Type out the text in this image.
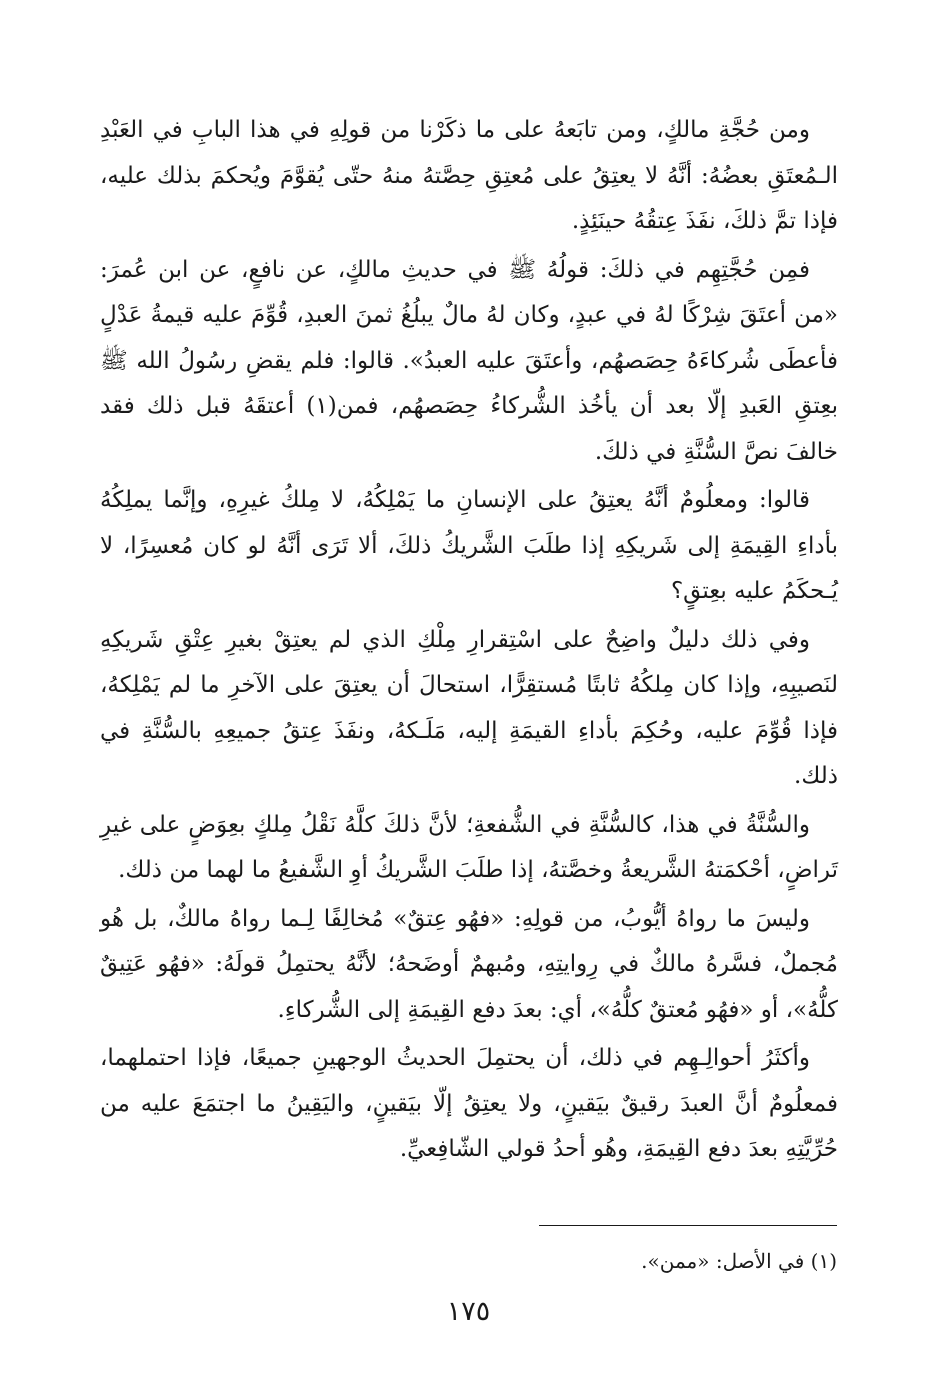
ومن حُجَّةِ مالكٍ، ومن تابَعهُ على ما ذكَرْنا من قولِهِ في هذا البابِ في العَبْدِ الـمُعتَقِ بعضُهُ: أنَّهُ لا يعتِقُ على مُعتِقِ حِصَّتهُ منهُ حتّى يُقوَّمَ ويُحكمَ بذلك عليه، فإذا تمَّ ذلكَ، نفَذَ عِتقُهُ حينَئِذٍ.

فمِن حُجَّتِهِم في ذلكَ: قولُهُ ﷺ في حديثِ مالكٍ، عن نافعٍ، عن ابن عُمرَ: «من أعتَقَ شِرْكًا لهُ في عبدٍ، وكان لهُ مالٌ يبلُغُ ثمنَ العبدِ، قُوِّمَ عليه قيمةُ عَدْلٍ فأعطَى شُركاءَهُ حِصَصهُم، وأعتَقَ عليه العبدُ». قالوا: فلم يقضِ رسُولُ الله ﷺ بعِتقِ العَبدِ إلّا بعد أن يأخُذ الشُّركاءُ حِصَصهُم، فمن(١) أعتقَهُ قبل ذلك فقد خالفَ نصَّ السُّنَّةِ في ذلكَ.

قالوا: ومعلُومٌ أنَّهُ يعتِقُ على الإنسانِ ما يَمْلِكُهُ، لا مِلكُ غيرِهِ، وإنَّما يملِكُهُ بأداءِ القِيمَةِ إلى شَريكِهِ إذا طلَبَ الشَّريكُ ذلكَ، ألا تَرَى أنَّهُ لو كان مُعسِرًا، لا يُـحكَمُ عليه بعِتقٍ؟

وفي ذلك دليلٌ واضِحٌ على اسْتِقرارِ مِلْكِ الذي لم يعتِقْ بغيرِ عِتْقِ شَريكِهِ لنَصيبِهِ، وإذا كان مِلكُهُ ثابتًا مُستقِرًّا، استحالَ أن يعتِقَ على الآخرِ ما لم يَمْلِكهُ، فإذا قُوِّمَ عليه، وحُكِمَ بأداءِ القيمَةِ إليه، مَلَـكهُ، ونفَذَ عِتقُ جميعِهِ بالسُّنَّةِ في ذلك.

والسُّنَّةُ في هذا، كالسُّنَّةِ في الشُّفعةِ؛ لأنَّ ذلكَ كلَّهُ نَقْلُ مِلكٍ بعِوَضٍ على غيرِ تَراضٍ، أحْكمَتهُ الشَّريعةُ وخصَّتهُ، إذا طلَبَ الشَّريكُ أوِ الشَّفيعُ ما لهما من ذلك.

وليسَ ما رواهُ أيُّوبُ، من قولِهِ: «فهُو عِتقٌ» مُخالِفًا لِـما رواهُ مالكٌ، بل هُو مُجملٌ، فسَّرهُ مالكٌ في رِوايتِهِ، ومُبهمٌ أوضَحهُ؛ لأنَّهُ يحتمِلُ قولَهُ: «فهُو عَتِيقٌ كلُّهُ»، أو «فهُو مُعتقٌ كلُّهُ»، أي: بعدَ دفع القِيمَةِ إلى الشُّركاءِ.

وأكثَرُ أحوالِـهِم في ذلك، أن يحتمِلَ الحديثُ الوجهينِ جميعًا، فإذا احتملهما، فمعلُومٌ أنَّ العبدَ رقيقٌ بيَقينٍ، ولا يعتِقُ إلّا بيَقينٍ، واليَقِينُ ما اجتمَعَ عليه من حُرِّيَّتِهِ بعدَ دفع القِيمَةِ، وهُو أحدُ قولي الشّافِعيِّ.

(١) في الأصل: «ممن».
١٧٥
